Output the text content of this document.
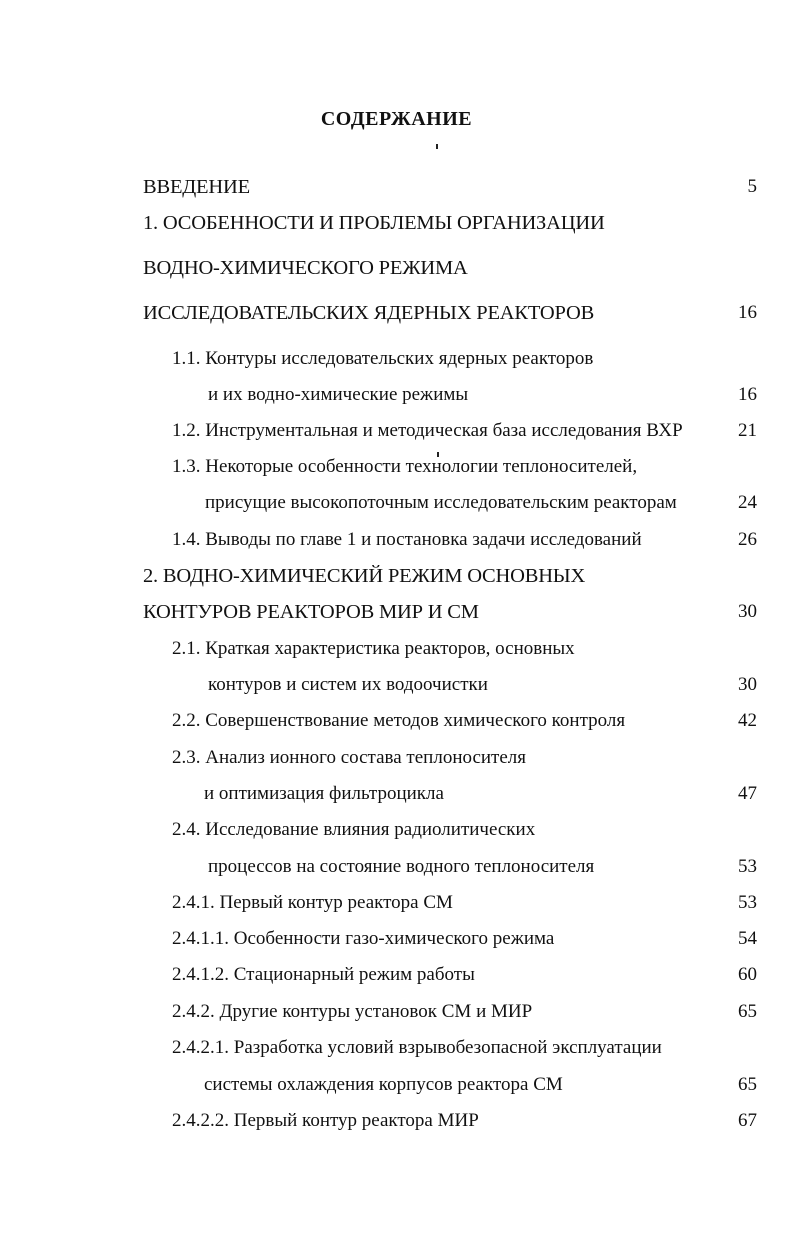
СОДЕРЖАНИЕ
ВВЕДЕНИЕ	5
1. ОСОБЕННОСТИ И ПРОБЛЕМЫ ОРГАНИЗАЦИИ
ВОДНО-ХИМИЧЕСКОГО РЕЖИМА
ИССЛЕДОВАТЕЛЬСКИХ ЯДЕРНЫХ РЕАКТОРОВ	16
1.1. Контуры исследовательских ядерных реакторов
и их водно-химические режимы	16
1.2. Инструментальная и методическая база исследования ВХР	21
1.3. Некоторые особенности технологии теплоносителей,
присущие высокопоточным исследовательским реакторам	24
1.4. Выводы по главе 1 и постановка задачи исследований	26
2. ВОДНО-ХИМИЧЕСКИЙ РЕЖИМ ОСНОВНЫХ
КОНТУРОВ РЕАКТОРОВ МИР И СМ	30
2.1. Краткая характеристика реакторов, основных
контуров и систем их водоочистки	30
2.2. Совершенствование методов химического контроля	42
2.3. Анализ ионного состава теплоносителя
и оптимизация фильтроцикла	47
2.4. Исследование влияния радиолитических
процессов на состояние водного теплоносителя	53
2.4.1. Первый контур реактора СМ	53
2.4.1.1. Особенности газо-химического режима	54
2.4.1.2. Стационарный режим работы	60
2.4.2. Другие контуры установок СМ и МИР	65
2.4.2.1. Разработка условий взрывобезопасной эксплуатации
системы охлаждения корпусов реактора СМ	65
2.4.2.2. Первый контур реактора МИР	67
